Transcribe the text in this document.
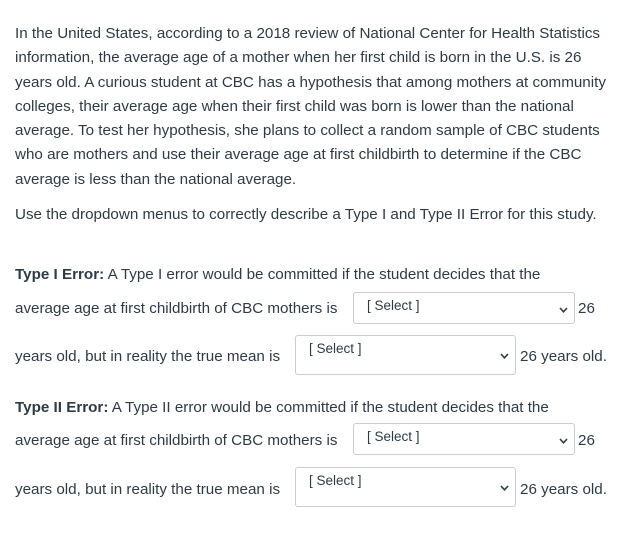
In the United States, according to a 2018 review of National Center for Health Statistics information, the average age of a mother when her first child is born in the U.S. is 26 years old. A curious student at CBC has a hypothesis that among mothers at community colleges, their average age when their first child was born is lower than the national average. To test her hypothesis, she plans to collect a random sample of CBC students who are mothers and use their average age at first childbirth to determine if the CBC average is less than the national average.

Use the dropdown menus to correctly describe a Type I and Type II Error for this study.

Type I Error: A Type I error would be committed if the student decides that the
average age at first childbirth of CBC mothers is [ Select ]	26
years old, but in reality the true mean is [ Select ]	26 years old.
Type II Error: A Type II error would be committed if the student decides that the
average age at first childbirth of CBC mothers is [ Select ]	26
years old, but in reality the true mean is
[ Select ]
26 years old.
